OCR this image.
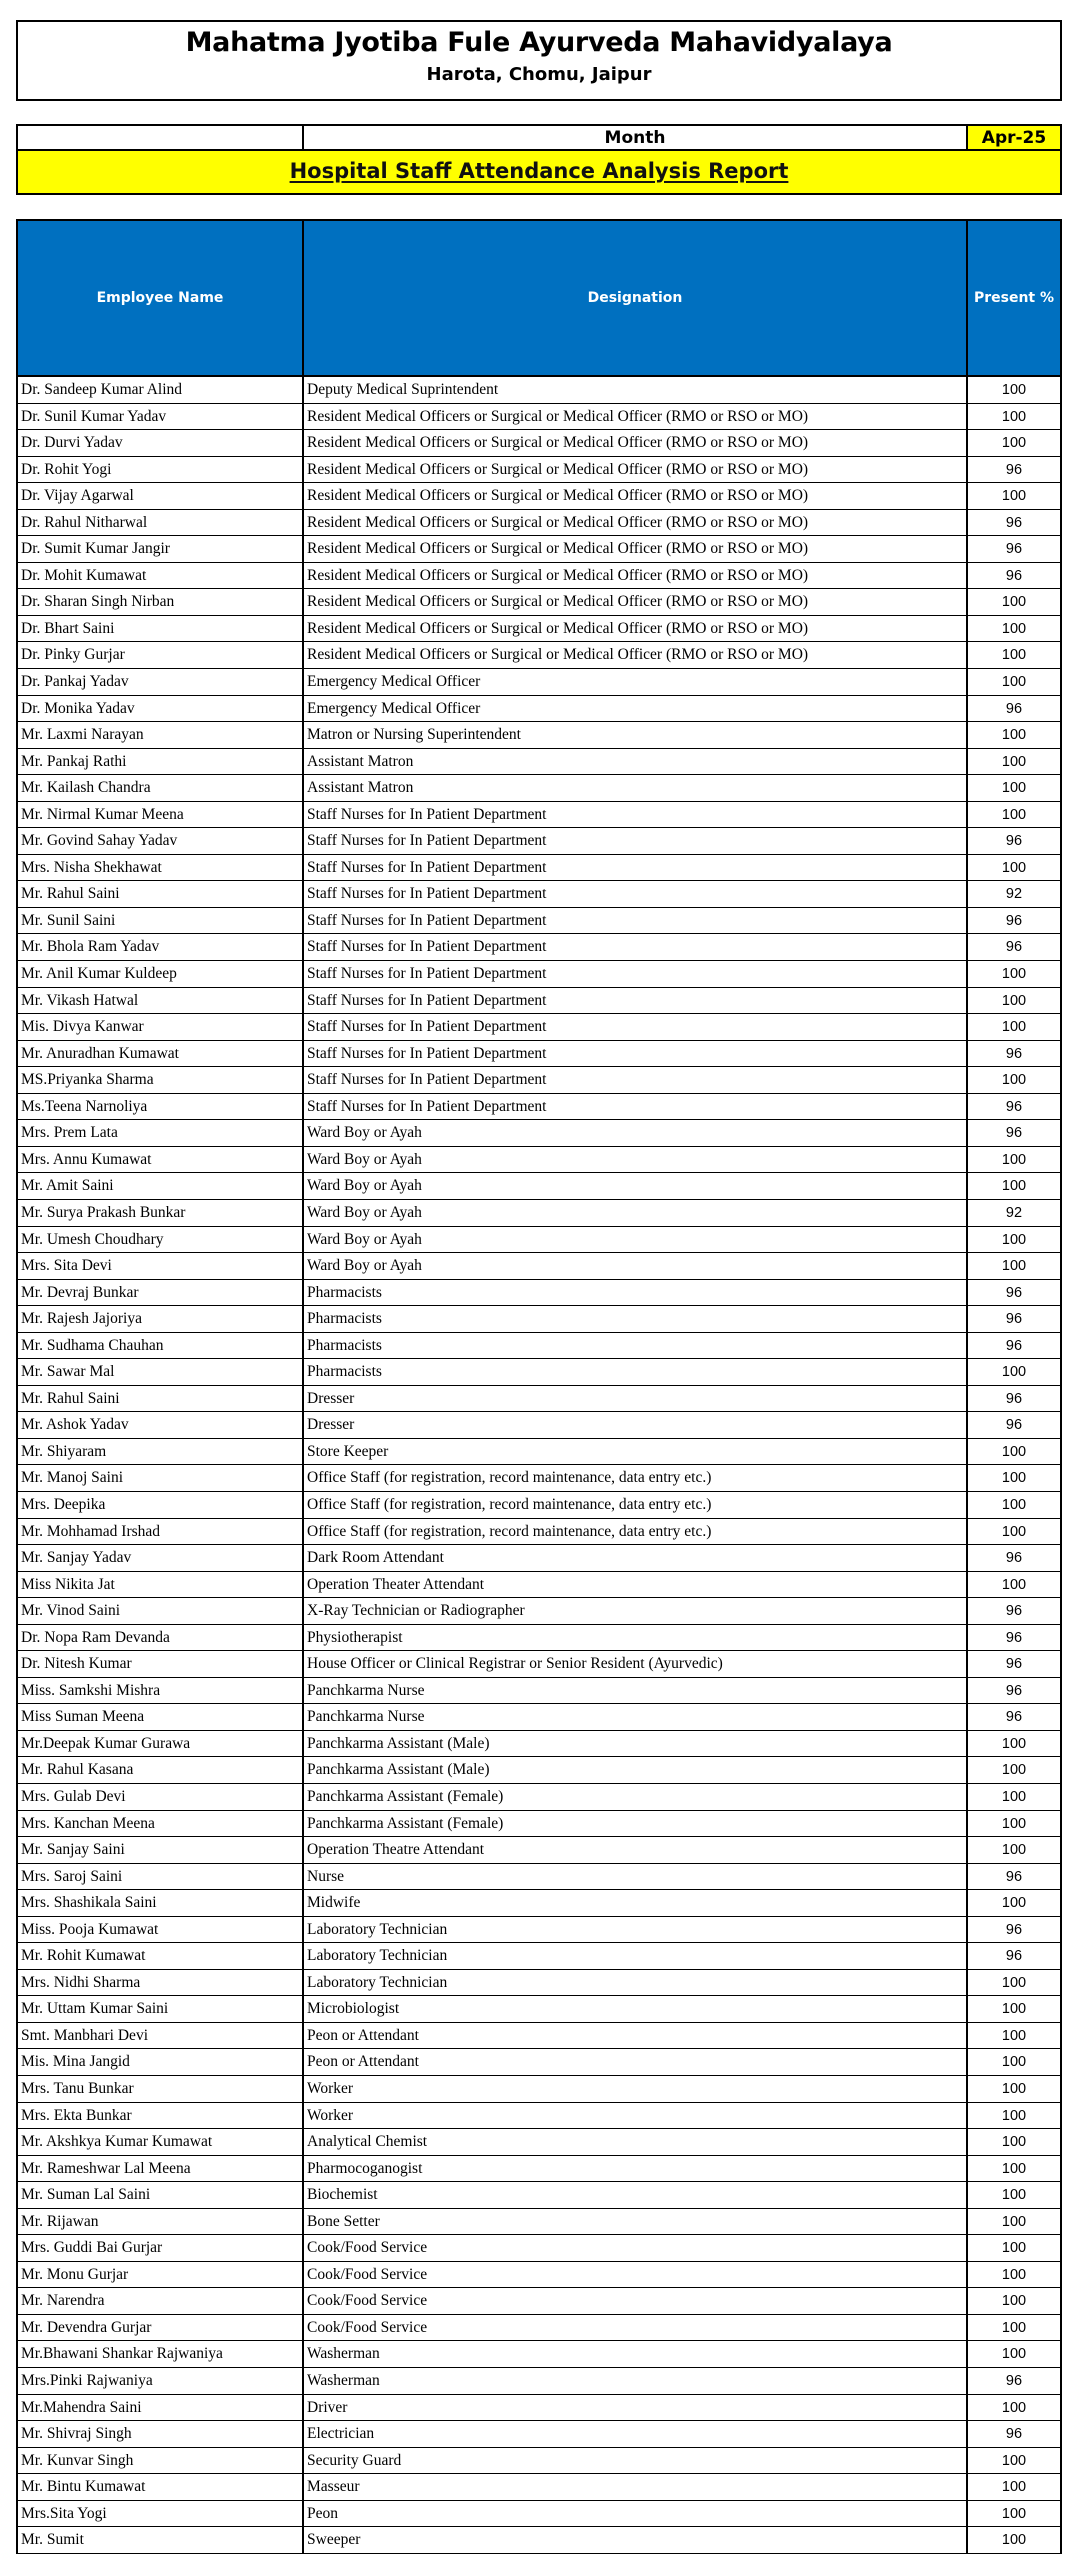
Mahatma Jyotiba Fule Ayurveda Mahavidyalaya
Harota, Chomu, Jaipur
Month	Apr-25
Hospital Staff Attendance Analysis Report
Employee Name	Designation	Present %
Dr. Sandeep Kumar Alind	Deputy Medical Suprintendent	100
Dr. Sunil Kumar Yadav	Resident Medical Officers or Surgical or Medical Officer (RMO or RSO or MO)	100
Dr. Durvi Yadav	Resident Medical Officers or Surgical or Medical Officer (RMO or RSO or MO)	100
Dr. Rohit Yogi	Resident Medical Officers or Surgical or Medical Officer (RMO or RSO or MO)	96
Dr. Vijay Agarwal	Resident Medical Officers or Surgical or Medical Officer (RMO or RSO or MO)	100
Dr. Rahul Nitharwal	Resident Medical Officers or Surgical or Medical Officer (RMO or RSO or MO)	96
Dr. Sumit Kumar Jangir	Resident Medical Officers or Surgical or Medical Officer (RMO or RSO or MO)	96
Dr. Mohit Kumawat	Resident Medical Officers or Surgical or Medical Officer (RMO or RSO or MO)	96
Dr. Sharan Singh Nirban	Resident Medical Officers or Surgical or Medical Officer (RMO or RSO or MO)	100
Dr. Bhart Saini	Resident Medical Officers or Surgical or Medical Officer (RMO or RSO or MO)	100
Dr. Pinky Gurjar	Resident Medical Officers or Surgical or Medical Officer (RMO or RSO or MO)	100
Dr. Pankaj Yadav	Emergency Medical Officer	100
Dr. Monika Yadav	Emergency Medical Officer	96
Mr. Laxmi Narayan	Matron or Nursing Superintendent	100
Mr. Pankaj Rathi	Assistant Matron	100
Mr. Kailash Chandra	Assistant Matron	100
Mr. Nirmal Kumar Meena	Staff Nurses for In Patient Department	100
Mr. Govind Sahay Yadav	Staff Nurses for In Patient Department	96
Mrs. Nisha Shekhawat	Staff Nurses for In Patient Department	100
Mr. Rahul Saini	Staff Nurses for In Patient Department	92
Mr. Sunil Saini	Staff Nurses for In Patient Department	96
Mr. Bhola Ram Yadav	Staff Nurses for In Patient Department	96
Mr. Anil Kumar Kuldeep	Staff Nurses for In Patient Department	100
Mr. Vikash Hatwal	Staff Nurses for In Patient Department	100
Mis. Divya Kanwar	Staff Nurses for In Patient Department	100
Mr. Anuradhan Kumawat	Staff Nurses for In Patient Department	96
MS.Priyanka Sharma	Staff Nurses for In Patient Department	100
Ms.Teena Narnoliya	Staff Nurses for In Patient Department	96
Mrs. Prem Lata	Ward Boy or Ayah	96
Mrs. Annu Kumawat	Ward Boy or Ayah	100
Mr. Amit Saini	Ward Boy or Ayah	100
Mr. Surya Prakash Bunkar	Ward Boy or Ayah	92
Mr. Umesh Choudhary	Ward Boy or Ayah	100
Mrs. Sita Devi	Ward Boy or Ayah	100
Mr. Devraj Bunkar	Pharmacists	96
Mr. Rajesh Jajoriya	Pharmacists	96
Mr. Sudhama Chauhan	Pharmacists	96
Mr. Sawar Mal	Pharmacists	100
Mr. Rahul Saini	Dresser	96
Mr. Ashok Yadav	Dresser	96
Mr. Shiyaram	Store Keeper	100
Mr. Manoj Saini	Office Staff (for registration, record maintenance, data entry etc.)	100
Mrs. Deepika	Office Staff (for registration, record maintenance, data entry etc.)	100
Mr. Mohhamad Irshad	Office Staff (for registration, record maintenance, data entry etc.)	100
Mr. Sanjay Yadav	Dark Room Attendant	96
Miss Nikita Jat	Operation Theater Attendant	100
Mr. Vinod Saini	X-Ray Technician or Radiographer	96
Dr. Nopa Ram Devanda	Physiotherapist	96
Dr. Nitesh Kumar	House Officer or Clinical Registrar or Senior Resident (Ayurvedic)	96
Miss. Samkshi Mishra	Panchkarma Nurse	96
Miss Suman Meena	Panchkarma Nurse	96
Mr.Deepak Kumar Gurawa	Panchkarma Assistant (Male)	100
Mr. Rahul Kasana	Panchkarma Assistant (Male)	100
Mrs. Gulab Devi	Panchkarma Assistant (Female)	100
Mrs. Kanchan Meena	Panchkarma Assistant (Female)	100
Mr. Sanjay Saini	Operation Theatre Attendant	100
Mrs. Saroj Saini	Nurse	96
Mrs. Shashikala Saini	Midwife	100
Miss. Pooja Kumawat	Laboratory Technician	96
Mr. Rohit Kumawat	Laboratory Technician	96
Mrs. Nidhi Sharma	Laboratory Technician	100
Mr. Uttam Kumar Saini	Microbiologist	100
Smt. Manbhari Devi	Peon or Attendant	100
Mis. Mina Jangid	Peon or Attendant	100
Mrs. Tanu Bunkar	Worker	100
Mrs. Ekta Bunkar	Worker	100
Mr. Akshkya Kumar Kumawat	Analytical Chemist	100
Mr. Rameshwar Lal Meena	Pharmocoganogist	100
Mr. Suman Lal Saini	Biochemist	100
Mr. Rijawan	Bone Setter	100
Mrs. Guddi Bai Gurjar	Cook/Food Service	100
Mr. Monu Gurjar	Cook/Food Service	100
Mr. Narendra	Cook/Food Service	100
Mr. Devendra Gurjar	Cook/Food Service	100
Mr.Bhawani Shankar Rajwaniya	Washerman	100
Mrs.Pinki Rajwaniya	Washerman	96
Mr.Mahendra Saini	Driver	100
Mr. Shivraj Singh	Electrician	96
Mr. Kunvar Singh	Security Guard	100
Mr. Bintu Kumawat	Masseur	100
Mrs.Sita Yogi	Peon	100
Mr. Sumit	Sweeper	100
